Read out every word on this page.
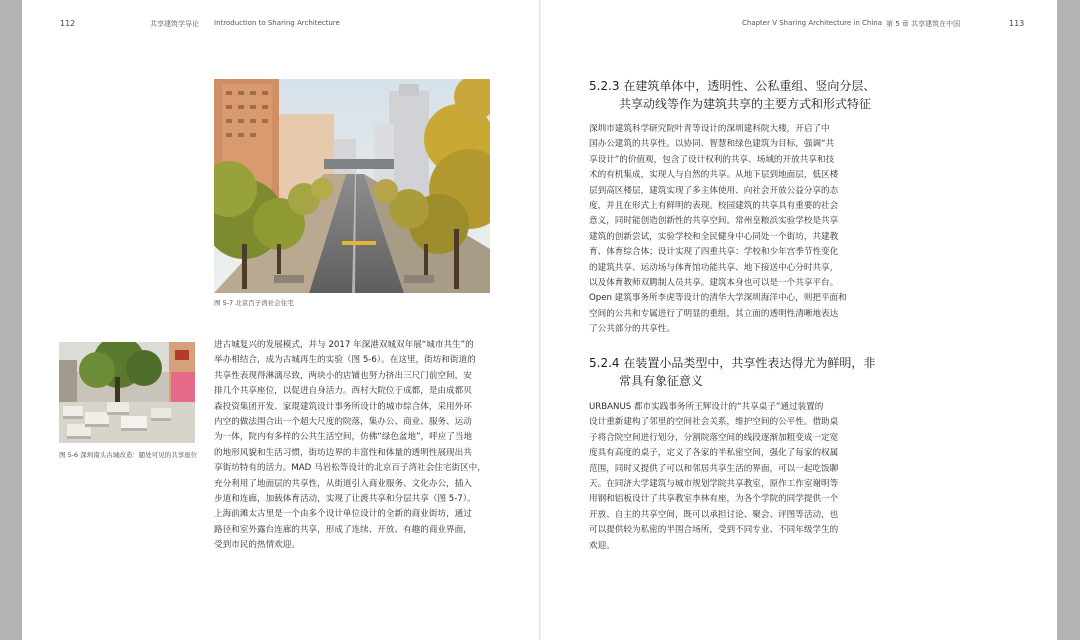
112	共享建筑学导论 Introduction to Sharing Architecture
图 5-7 北京百子湾社会住宅
图 5-6 深圳南头古城改造：随处可见的共享座位
进古城复兴的发展模式，并与 2017 年深港双城双年展“城市共生”的
举办相结合，成为古城再生的实验（图 5-6）。在这里，街坊和街道的
共享性表现得淋漓尽致，两块小的店铺也努力挤出三尺门前空间，安
排几个共享座位，以促进自身活力。西村大院位于成都，是由成都贝
森投资集团开发、家琨建筑设计事务所设计的城市综合体，采用外环
内空的做法围合出一个超大尺度的院落，集办公、商业、服务、运动
为一体，院内有多样的公共生活空间，仿佛“绿色盆地”，呼应了当地
的地形风貌和生活习惯，街坊边界的丰富性和体量的透明性展现出共
享街坊特有的活力。MAD 马岩松等设计的北京百子湾社会住宅街区中，
充分利用了地面层的共享性，从街道引入商业服务、文化办公，插入
步道和连廊，加载体育活动，实现了让渡共享和分层共享（图 5-7）。
上海前滩太古里是一个由多个设计单位设计的全新的商业街坊，通过
路径和室外露台连廊的共享，形成了连续、开放、有趣的商业界面，
受到市民的热情欢迎。
Chapter V Sharing Architecture in China 第 5 章 共享建筑在中国	113
5.2.3 在建筑单体中，透明性、公私重组、竖向分层、
共享动线等作为建筑共享的主要方式和形式特征
深圳市建筑科学研究院叶青等设计的深圳建科院大楼，开启了中
国办公建筑的共享性。以协同、智慧和绿色建筑为目标，强调“共
享设计”的价值观，包含了设计权利的共享、场域的开放共享和技
术的有机集成，实现人与自然的共享。从地下层到地面层，低区楼
层到高区楼层，建筑实现了多主体使用、向社会开放公益分享的态
度，并且在形式上有鲜明的表现。校园建筑的共享具有重要的社会
意义，同时能创造创新性的共享空间。常州皇粮浜实验学校是共享
建筑的创新尝试，实验学校和全民健身中心同处一个街坊，共建教
育、体育综合体；设计实现了四重共享：学校和少年宫季节性变化
的建筑共享、运动场与体育馆功能共享、地下接送中心分时共享，
以及体育教师双聘制人员共享。建筑本身也可以是一个共享平台。
Open 建筑事务所李虎等设计的清华大学深圳海洋中心，则把平面和
空间的公共和专属进行了明显的重组，其立面的透明性清晰地表达
了公共部分的共享性。
5.2.4 在装置小品类型中，共享性表达得尤为鲜明，非
常具有象征意义
URBANUS 都市实践事务所王辉设计的“共享桌子”通过装置的
设计重新建构了邻里的空间社会关系，维护空间的公平性。借助桌
子将合院空间进行划分，分割院落空间的线段逐渐加粗变成一定宽
度具有高度的桌子，定义了各家的半私密空间，强化了每家的权属
范围，同时又提供了可以和邻居共享生活的界面，可以一起吃饭聊
天。在同济大学建筑与城市规划学院共享教室，原作工作室谢明等
用钢和铝板设计了共享教室李林有座，为各个学院的同学提供一个
开放、自主的共享空间，既可以承担讨论、聚会、评图等活动，也
可以提供较为私密的半围合场所，受到不同专业、不同年级学生的
欢迎。
